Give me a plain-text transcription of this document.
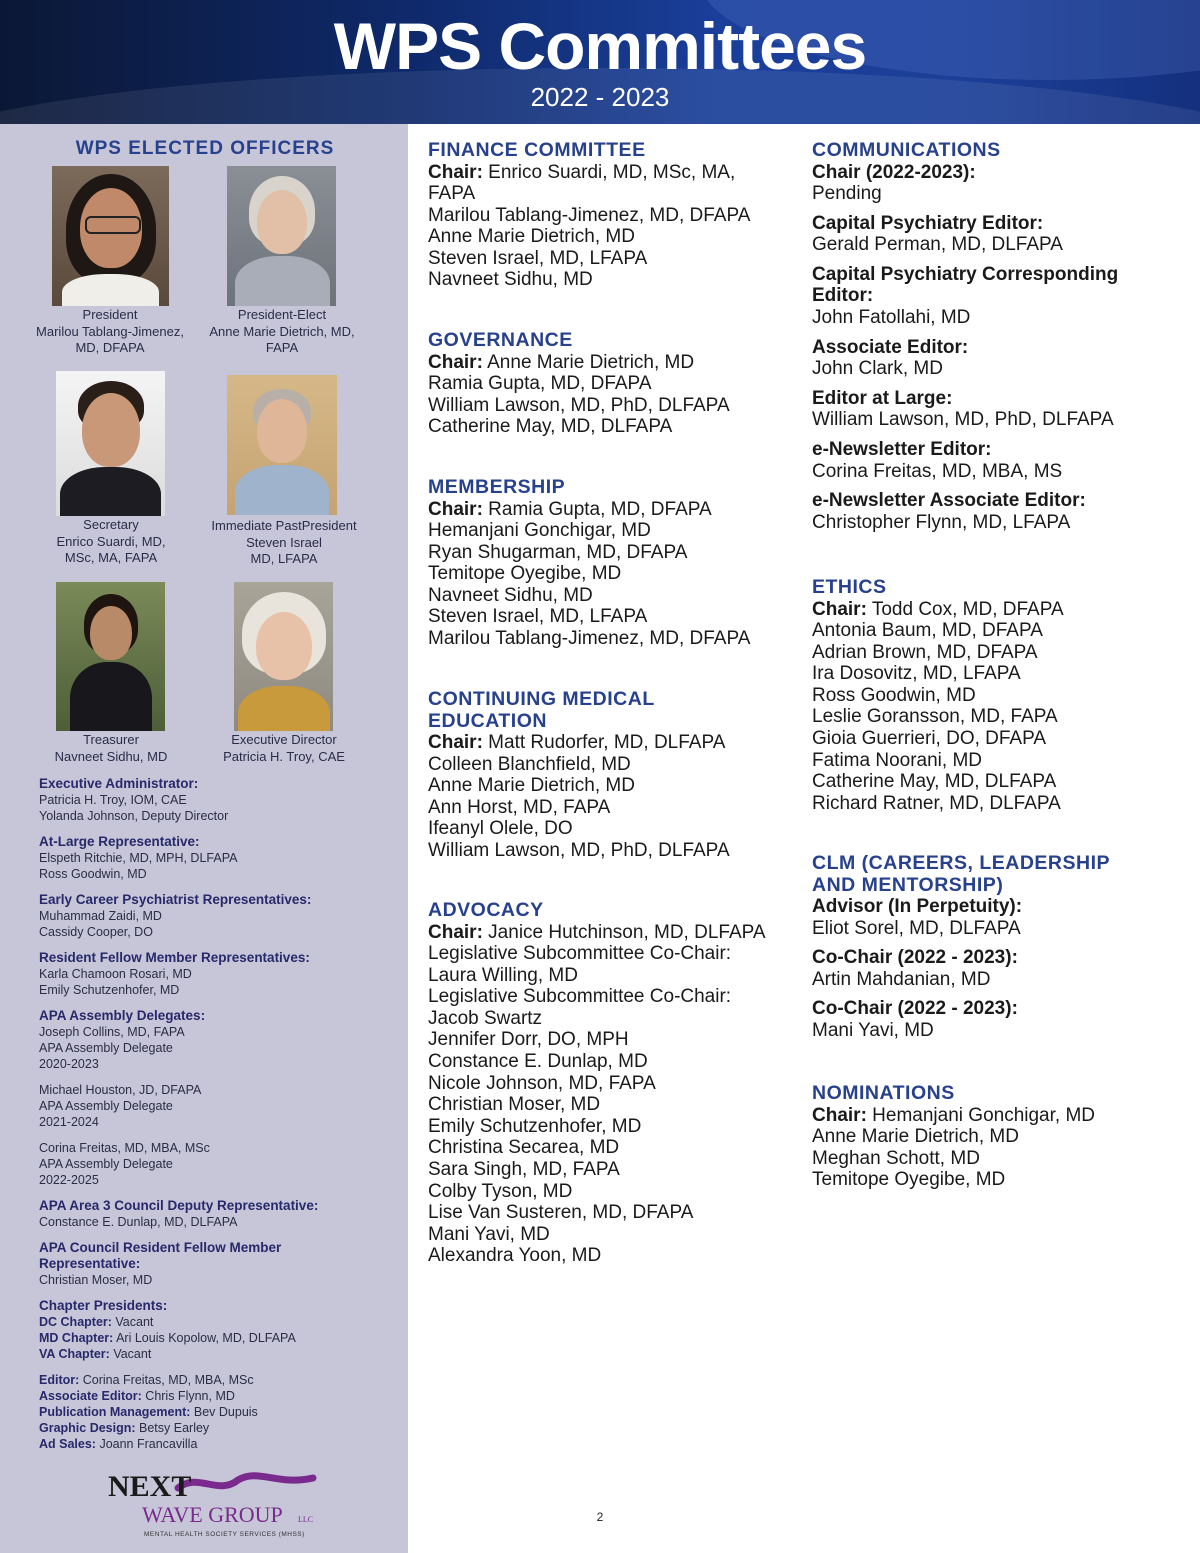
WPS Committees
2022 - 2023
WPS ELECTED OFFICERS
President
Marilou Tablang-Jimenez,
MD, DFAPA
President-Elect
Anne Marie Dietrich, MD,
FAPA
Secretary
Enrico Suardi, MD,
MSc, MA, FAPA
Immediate PastPresident
Steven Israel
MD, LFAPA
Treasurer
Navneet Sidhu, MD
Executive Director
Patricia H. Troy, CAE
Executive Administrator:
Patricia H. Troy, IOM, CAE
Yolanda Johnson, Deputy Director
At-Large Representative:
Elspeth Ritchie, MD, MPH, DLFAPA
Ross Goodwin, MD
Early Career Psychiatrist Representatives:
Muhammad Zaidi, MD
Cassidy Cooper, DO
Resident Fellow Member Representatives:
Karla Chamoon Rosari, MD
Emily Schutzenhofer, MD
APA Assembly Delegates:
Joseph Collins, MD, FAPA
APA Assembly Delegate
2020-2023
Michael Houston, JD, DFAPA
APA Assembly Delegate
2021-2024
Corina Freitas, MD, MBA, MSc
APA Assembly Delegate
2022-2025
APA Area 3 Council Deputy Representative:
Constance E. Dunlap, MD, DLFAPA
APA Council Resident Fellow Member
Representative:
Christian Moser, MD
Chapter Presidents:
DC Chapter: Vacant
MD Chapter: Ari Louis Kopolow, MD, DLFAPA
VA Chapter: Vacant
Editor: Corina Freitas, MD, MBA, MSc
Associate Editor: Chris Flynn, MD
Publication Management: Bev Dupuis
Graphic Design: Betsy Earley
Ad Sales: Joann Francavilla
NEXT
WAVE GROUP LLC
MENTAL HEALTH SOCIETY SERVICES (MHSS)
FINANCE COMMITTEE
Chair: Enrico Suardi, MD, MSc, MA,
FAPA
Marilou Tablang-Jimenez, MD, DFAPA
Anne Marie Dietrich, MD
Steven Israel, MD, LFAPA
Navneet Sidhu, MD
GOVERNANCE
Chair: Anne Marie Dietrich, MD
Ramia Gupta, MD, DFAPA
William Lawson, MD, PhD, DLFAPA
Catherine May, MD, DLFAPA
MEMBERSHIP
Chair: Ramia Gupta, MD, DFAPA
Hemanjani Gonchigar, MD
Ryan Shugarman, MD, DFAPA
Temitope Oyegibe, MD
Navneet Sidhu, MD
Steven Israel, MD, LFAPA
Marilou Tablang-Jimenez, MD, DFAPA
CONTINUING MEDICAL
EDUCATION
Chair: Matt Rudorfer, MD, DLFAPA
Colleen Blanchfield, MD
Anne Marie Dietrich, MD
Ann Horst, MD, FAPA
Ifeanyl Olele, DO
William Lawson, MD, PhD, DLFAPA
ADVOCACY
Chair: Janice Hutchinson, MD, DLFAPA
Legislative Subcommittee Co-Chair:
Laura Willing, MD
Legislative Subcommittee Co-Chair:
Jacob Swartz
Jennifer Dorr, DO, MPH
Constance E. Dunlap, MD
Nicole Johnson, MD, FAPA
Christian Moser, MD
Emily Schutzenhofer, MD
Christina Secarea, MD
Sara Singh, MD, FAPA
Colby Tyson, MD
Lise Van Susteren, MD, DFAPA
Mani Yavi, MD
Alexandra Yoon, MD
COMMUNICATIONS
Chair (2022-2023):
Pending
Capital Psychiatry Editor:
Gerald Perman, MD, DLFAPA
Capital Psychiatry Corresponding
Editor:
John Fatollahi, MD
Associate Editor:
John Clark, MD
Editor at Large:
William Lawson, MD, PhD, DLFAPA
e-Newsletter Editor:
Corina Freitas, MD, MBA, MS
e-Newsletter Associate Editor:
Christopher Flynn, MD, LFAPA
ETHICS
Chair: Todd Cox, MD, DFAPA
Antonia Baum, MD, DFAPA
Adrian Brown, MD, DFAPA
Ira Dosovitz, MD, LFAPA
Ross Goodwin, MD
Leslie Goransson, MD, FAPA
Gioia Guerrieri, DO, DFAPA
Fatima Noorani, MD
Catherine May, MD, DLFAPA
Richard Ratner, MD, DLFAPA
CLM (CAREERS, LEADERSHIP
AND MENTORSHIP)
Advisor (In Perpetuity):
Eliot Sorel, MD, DLFAPA
Co-Chair (2022 - 2023):
Artin Mahdanian, MD
Co-Chair (2022 - 2023):
Mani Yavi, MD
NOMINATIONS
Chair: Hemanjani Gonchigar, MD
Anne Marie Dietrich, MD
Meghan Schott, MD
Temitope Oyegibe, MD
2
